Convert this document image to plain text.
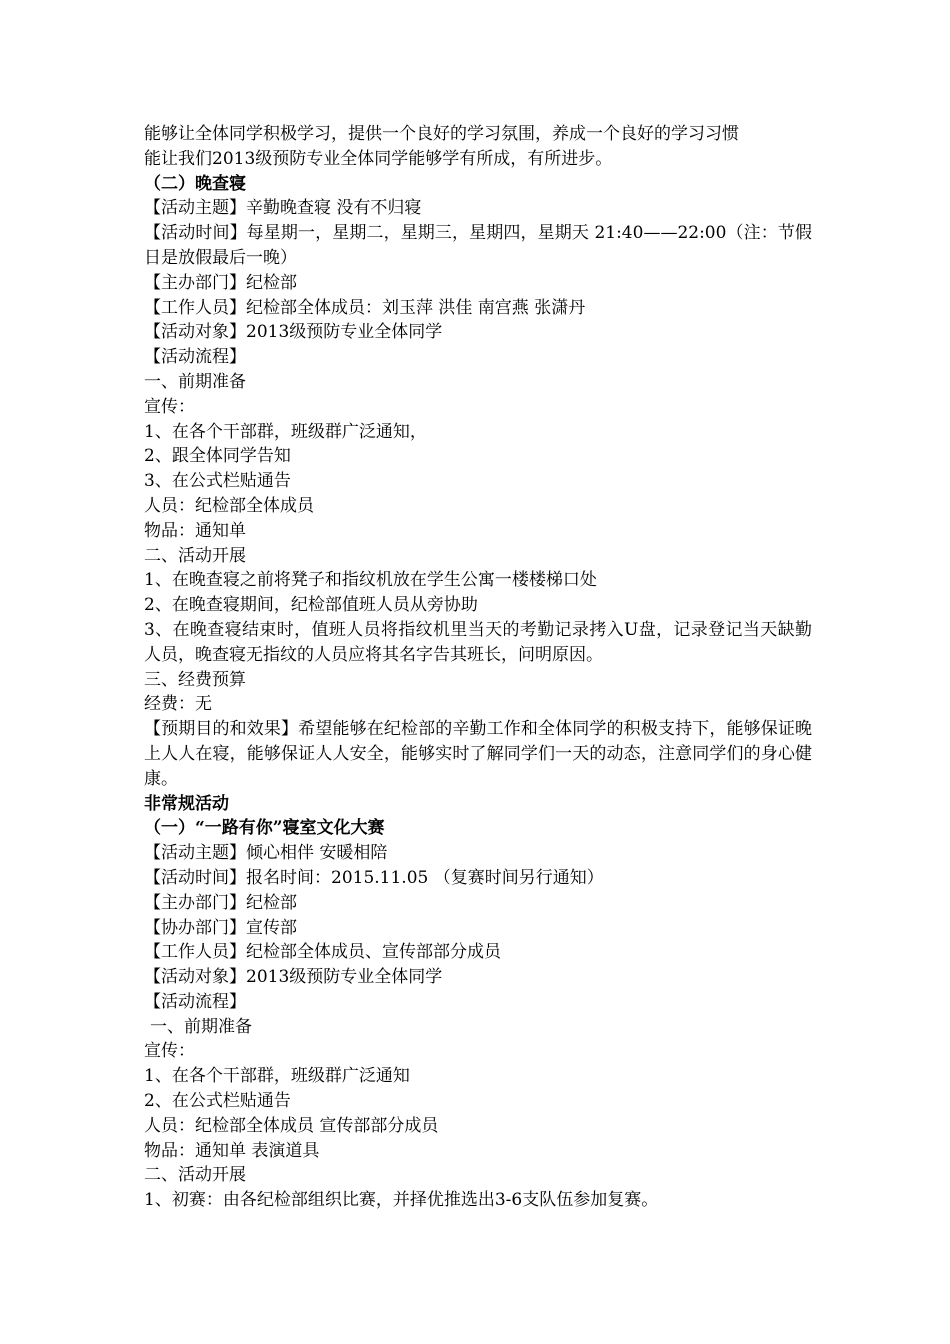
能够让全体同学积极学习，提供一个良好的学习氛围，养成一个良好的学习习惯
能让我们2013级预防专业全体同学能够学有所成，有所进步。
（二）晚查寝
【活动主题】辛勤晚查寝 没有不归寝
【活动时间】每星期一，星期二，星期三，星期四，星期天 21:40——22:00（注：节假日是放假最后一晚）
【主办部门】纪检部
【工作人员】纪检部全体成员：刘玉萍 洪佳 南宫燕 张潇丹
【活动对象】2013级预防专业全体同学
【活动流程】
一、前期准备
宣传：
1、在各个干部群，班级群广泛通知，
2、跟全体同学告知
3、在公式栏贴通告
人员：纪检部全体成员
物品：通知单
二、活动开展
1、在晚查寝之前将凳子和指纹机放在学生公寓一楼楼梯口处
2、在晚查寝期间，纪检部值班人员从旁协助
3、在晚查寝结束时，值班人员将指纹机里当天的考勤记录拷入U盘，记录登记当天缺勤人员，晚查寝无指纹的人员应将其名字告其班长，问明原因。
三、经费预算
经费：无
【预期目的和效果】希望能够在纪检部的辛勤工作和全体同学的积极支持下，能够保证晚上人人在寝，能够保证人人安全，能够实时了解同学们一天的动态，注意同学们的身心健康。
非常规活动
（一）“一路有你”寝室文化大赛
【活动主题】倾心相伴 安暖相陪
【活动时间】报名时间：2015.11.05 （复赛时间另行通知）
【主办部门】纪检部
【协办部门】宣传部
【工作人员】纪检部全体成员、宣传部部分成员
【活动对象】2013级预防专业全体同学
【活动流程】
一、前期准备
宣传：
1、在各个干部群，班级群广泛通知
2、在公式栏贴通告
人员：纪检部全体成员 宣传部部分成员
物品：通知单 表演道具
二、活动开展
1、初赛：由各纪检部组织比赛，并择优推选出3-6支队伍参加复赛。
